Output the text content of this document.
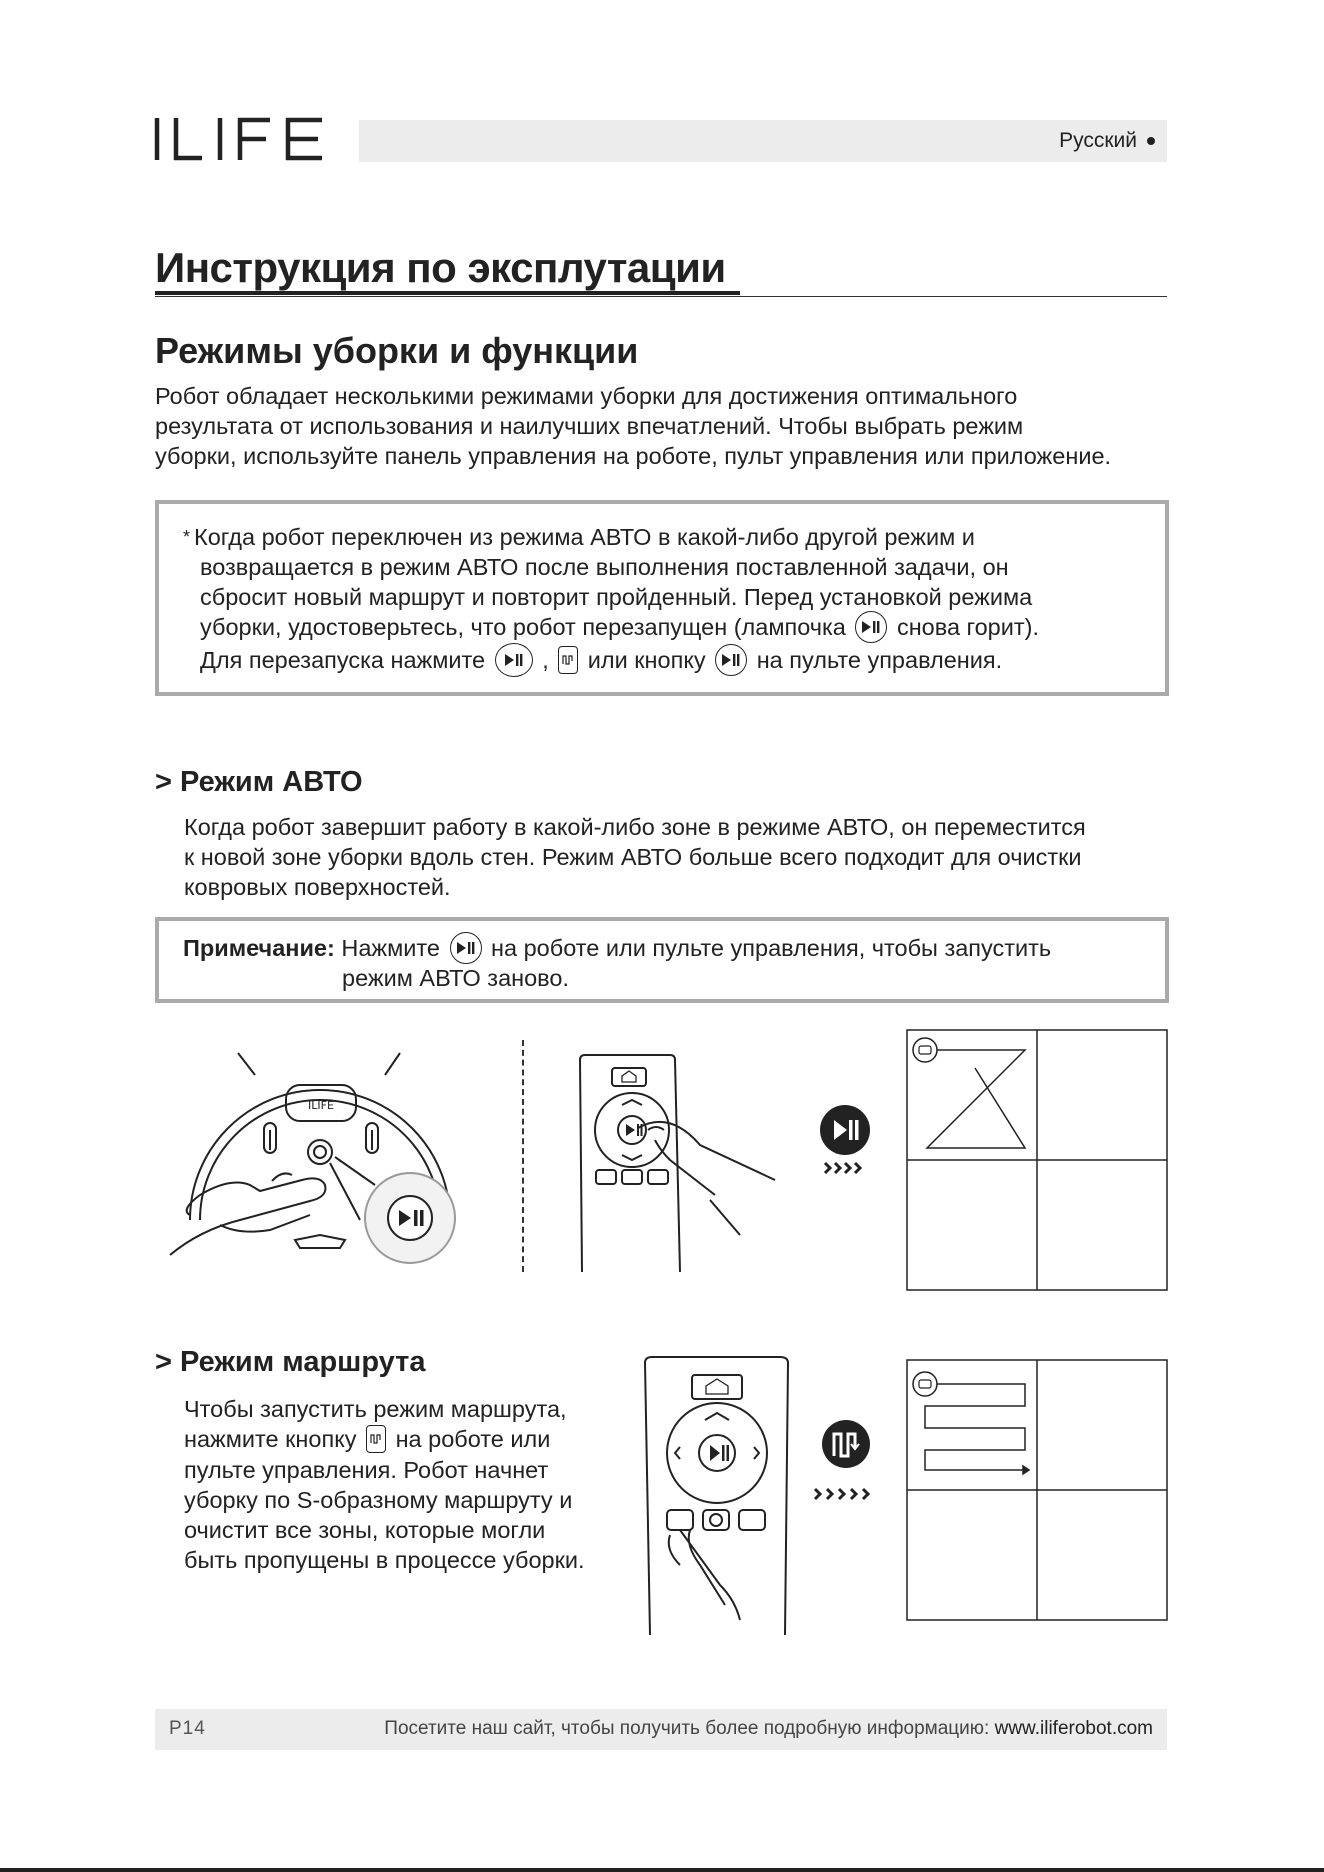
Русский
Инструкция по эксплутации
Режимы уборки и функции

Робот обладает несколькими режимами уборки для достижения оптимального

результата от использования и наилучших впечатлений. Чтобы выбрать режим

уборки, используйте панель управления на роботе, пульт управления или приложение.

* Когда робот переключен из режима АВТО в какой-либо другой режим и

возвращается в режим АВТО после выполнения поставленной задачи, он

сбросит новый маршрут и повторит пройденный. Перед установкой режима

уборки, удостоверьтесь, что робот перезапущен (лампочка снова горит).

Для перезапуска нажмите , или кнопку на пульте управления.

> Режим АВТО

Когда робот завершит работу в какой-либо зоне в режиме АВТО, он переместится

к новой зоне уборки вдоль стен. Режим АВТО больше всего подходит для очистки

ковровых поверхностей.

Примечание: Нажмите на роботе или пульте управления, чтобы запустить
режим АВТО заново.
ILIFE
> Режим маршрута

Чтобы запустить режим маршрута,

нажмите кнопку на роботе или

пульте управления. Робот начнет

уборку по S-образному маршруту и

очистит все зоны, которые могли

быть пропущены в процессе уборки.

P14	Посетите наш сайт, чтобы получить более подробную информацию: www.iliferobot.com
